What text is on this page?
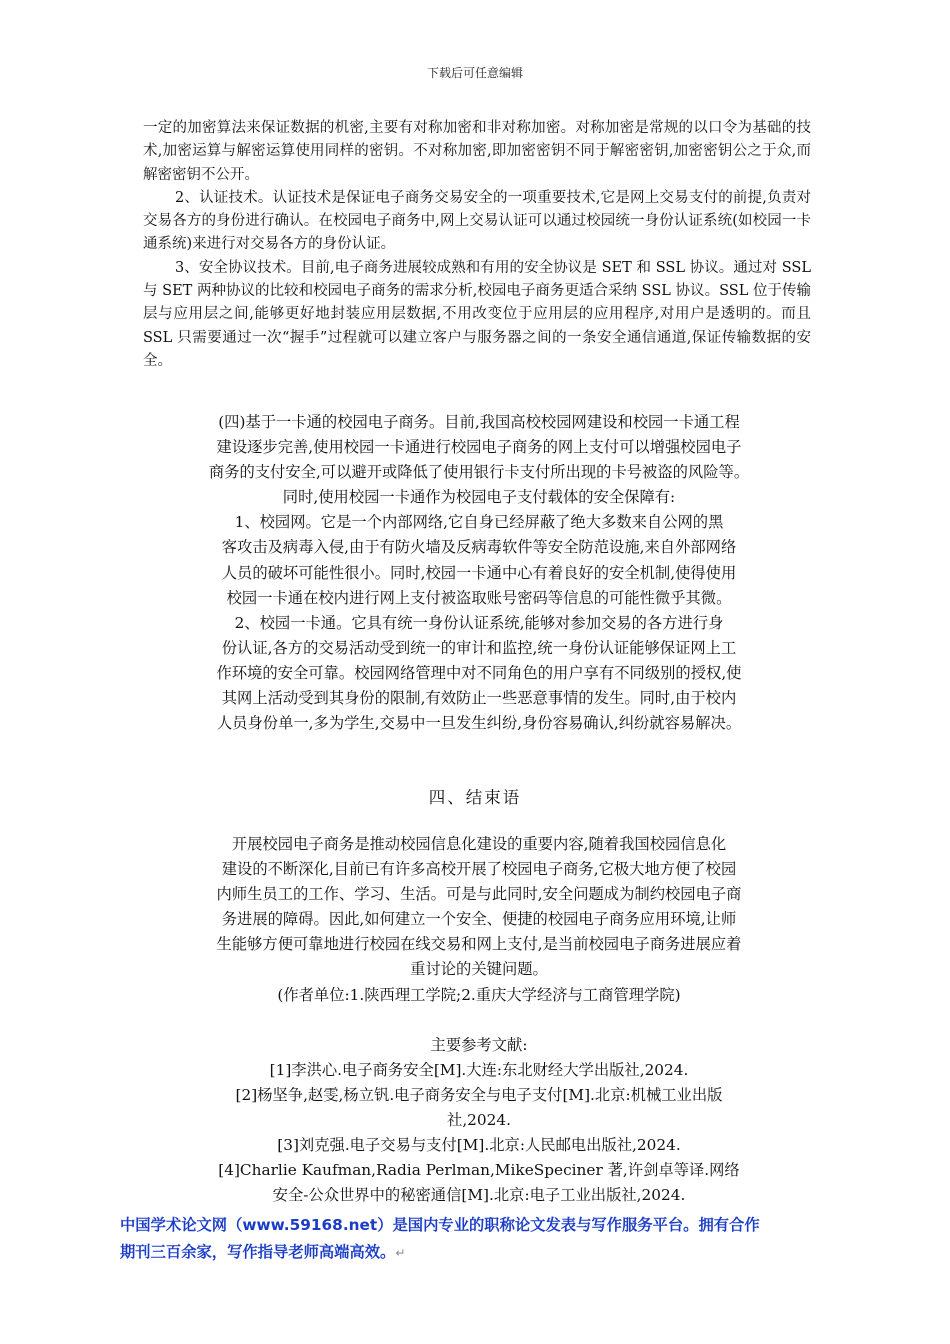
下载后可任意编辑

一定的加密算法来保证数据的机密,主要有对称加密和非对称加密。对称加密是常规的以口令为基础的技术,加密运算与解密运算使用同样的密钥。不对称加密,即加密密钥不同于解密密钥,加密密钥公之于众,而解密密钥不公开。

2、认证技术。认证技术是保证电子商务交易安全的一项重要技术,它是网上交易支付的前提,负责对交易各方的身份进行确认。在校园电子商务中,网上交易认证可以通过校园统一身份认证系统(如校园一卡通系统)来进行对交易各方的身份认证。

3、安全协议技术。目前,电子商务进展较成熟和有用的安全协议是 SET 和 SSL 协议。通过对 SSL 与 SET 两种协议的比较和校园电子商务的需求分析,校园电子商务更适合采纳 SSL 协议。SSL 位于传输层与应用层之间,能够更好地封装应用层数据,不用改变位于应用层的应用程序,对用户是透明的。而且 SSL 只需要通过一次“握手”过程就可以建立客户与服务器之间的一条安全通信通道,保证传输数据的安全。

(四)基于一卡通的校园电子商务。目前,我国高校校园网建设和校园一卡通工程

建设逐步完善,使用校园一卡通进行校园电子商务的网上支付可以增强校园电子

商务的支付安全,可以避开或降低了使用银行卡支付所出现的卡号被盗的风险等。

同时,使用校园一卡通作为校园电子支付载体的安全保障有:

1、校园网。它是一个内部网络,它自身已经屏蔽了绝大多数来自公网的黑

客攻击及病毒入侵,由于有防火墙及反病毒软件等安全防范设施,来自外部网络

人员的破坏可能性很小。同时,校园一卡通中心有着良好的安全机制,使得使用

校园一卡通在校内进行网上支付被盗取账号密码等信息的可能性微乎其微。

2、校园一卡通。它具有统一身份认证系统,能够对参加交易的各方进行身

份认证,各方的交易活动受到统一的审计和监控,统一身份认证能够保证网上工

作环境的安全可靠。校园网络管理中对不同角色的用户享有不同级别的授权,使

其网上活动受到其身份的限制,有效防止一些恶意事情的发生。同时,由于校内

人员身份单一,多为学生,交易中一旦发生纠纷,身份容易确认,纠纷就容易解决。

四、结束语

开展校园电子商务是推动校园信息化建设的重要内容,随着我国校园信息化

建设的不断深化,目前已有许多高校开展了校园电子商务,它极大地方便了校园

内师生员工的工作、学习、生活。可是与此同时,安全问题成为制约校园电子商

务进展的障碍。因此,如何建立一个安全、便捷的校园电子商务应用环境,让师

生能够方便可靠地进行校园在线交易和网上支付,是当前校园电子商务进展应着

重讨论的关键问题。

(作者单位:1.陕西理工学院;2.重庆大学经济与工商管理学院)

主要参考文献:

[1]李洪心.电子商务安全[M].大连:东北财经大学出版社,2024.

[2]杨坚争,赵雯,杨立钒.电子商务安全与电子支付[M].北京:机械工业出版

社,2024.

[3]刘克强.电子交易与支付[M].北京:人民邮电出版社,2024.

[4]Charlie Kaufman,Radia Perlman,MikeSpeciner 著,许剑卓等译.网络

安全-公众世界中的秘密通信[M].北京:电子工业出版社,2024.

中国学术论文网（www.59168.net）是国内专业的职称论文发表与写作服务平台。拥有合作

期刊三百余家，写作指导老师高端高效。↵
